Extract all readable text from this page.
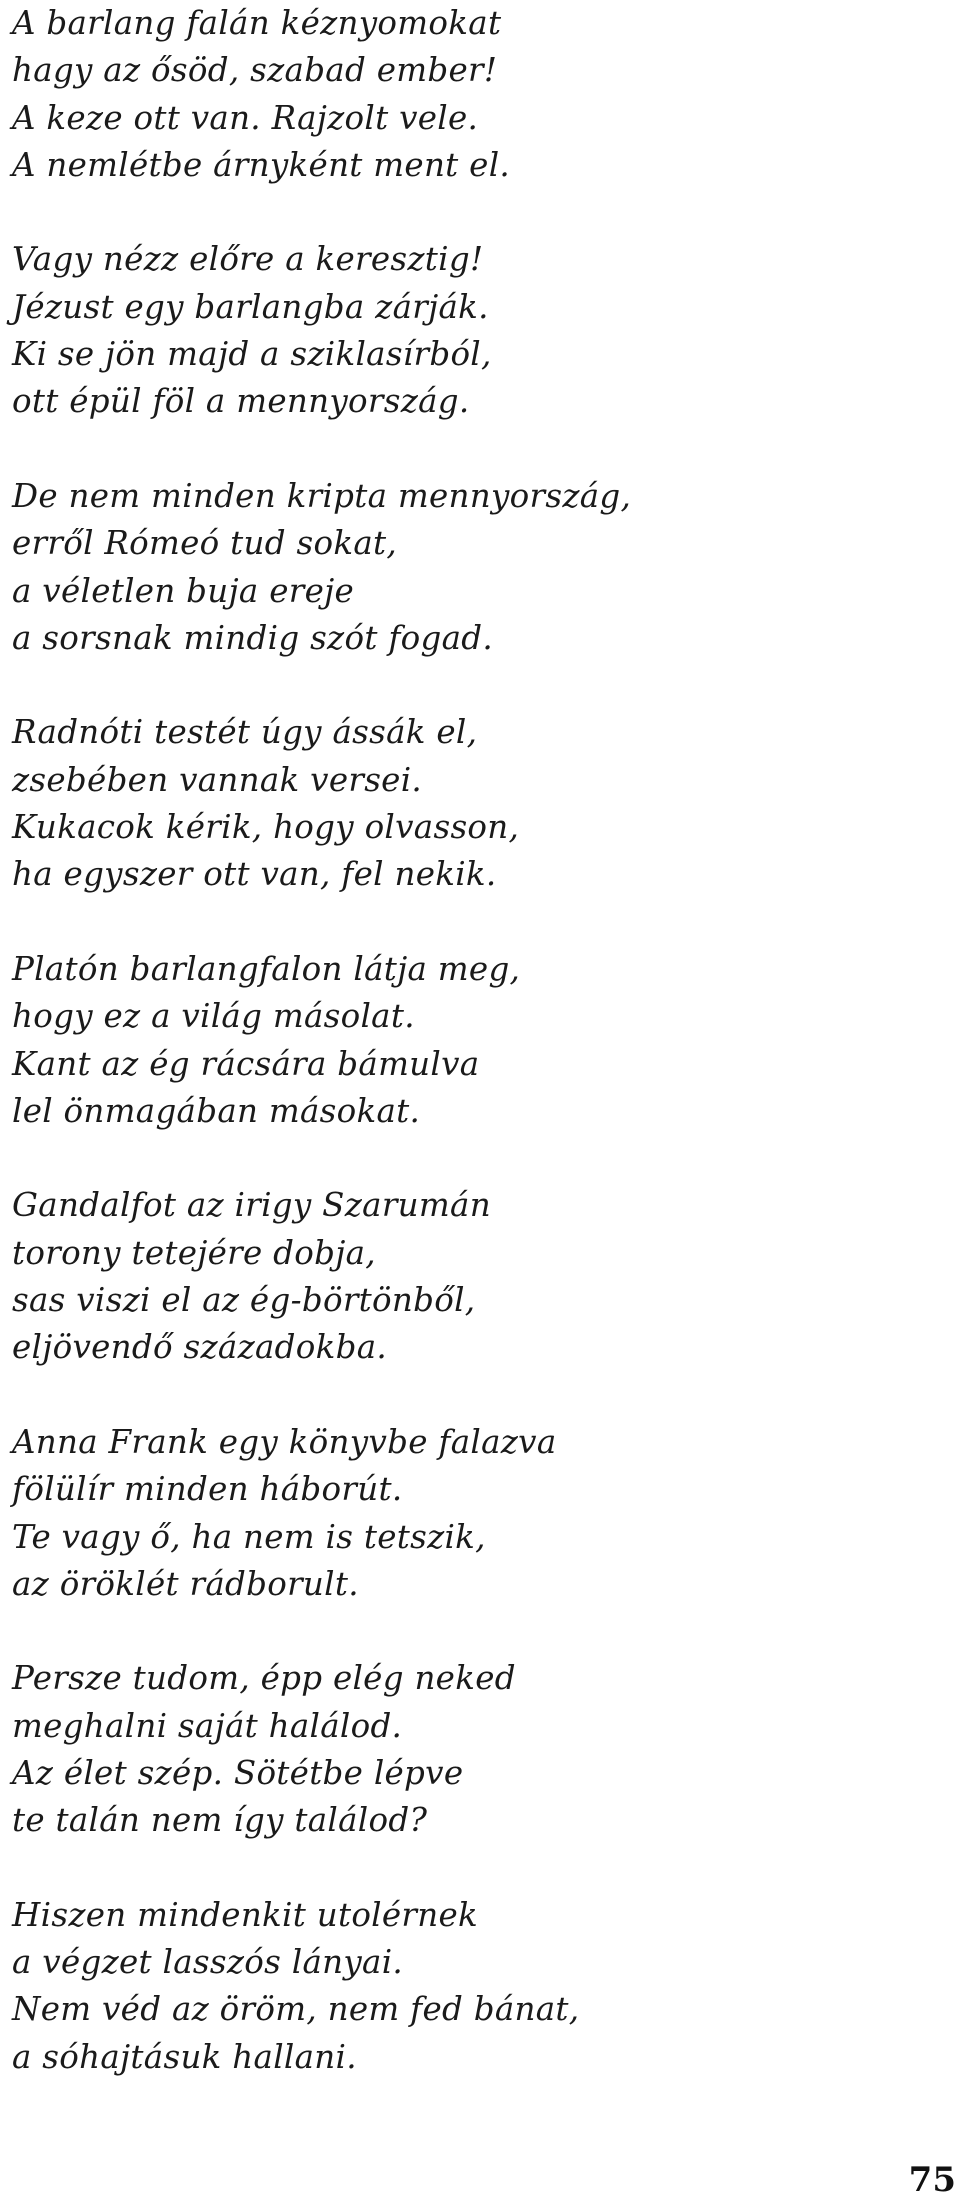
A barlang falán kéznyomokat
hagy az ősöd, szabad ember!
A keze ott van. Rajzolt vele.
A nemlétbe árnyként ment el.

Vagy nézz előre a keresztig!
Jézust egy barlangba zárják.
Ki se jön majd a sziklasírból,
ott épül föl a mennyország.

De nem minden kripta mennyország,
erről Rómeó tud sokat,
a véletlen buja ereje
a sorsnak mindig szót fogad.

Radnóti testét úgy ássák el,
zsebében vannak versei.
Kukacok kérik, hogy olvasson,
ha egyszer ott van, fel nekik.

Platón barlangfalon látja meg,
hogy ez a világ másolat.
Kant az ég rácsára bámulva
lel önmagában másokat.

Gandalfot az irigy Szarumán
torony tetejére dobja,
sas viszi el az ég-börtönből,
eljövendő századokba.

Anna Frank egy könyvbe falazva
fölülír minden háborút.
Te vagy ő, ha nem is tetszik,
az öröklét rádborult.

Persze tudom, épp elég neked
meghalni saját halálod.
Az élet szép. Sötétbe lépve
te talán nem így találod?

Hiszen mindenkit utolérnek
a végzet lasszós lányai.
Nem véd az öröm, nem fed bánat,
a sóhajtásuk hallani.

75
